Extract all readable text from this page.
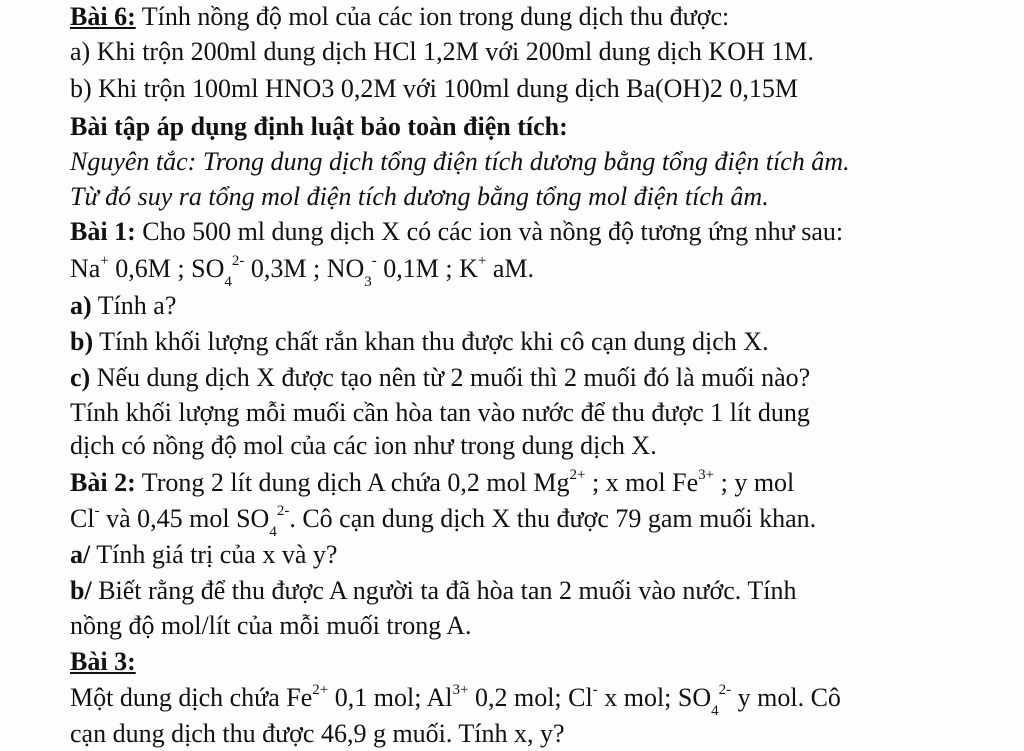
Bài 6: Tính nồng độ mol của các ion trong dung dịch thu được:
a) Khi trộn 200ml dung dịch HCl 1,2M với 200ml dung dịch KOH 1M.
b) Khi trộn 100ml HNO3 0,2M với 100ml dung dịch Ba(OH)2 0,15M
Bài tập áp dụng định luật bảo toàn điện tích:
Nguyên tắc: Trong dung dịch tổng điện tích dương bằng tổng điện tích âm.
Từ đó suy ra tổng mol điện tích dương bằng tổng mol điện tích âm.
Bài 1: Cho 500 ml dung dịch X có các ion và nồng độ tương ứng như sau:
Na+ 0,6M ; $SO_4^{2-}$ 0,3M ; $NO_3^-$ 0,1M ; K+ aM.
a) Tính a?
b) Tính khối lượng chất rắn khan thu được khi cô cạn dung dịch X.
c) Nếu dung dịch X được tạo nên từ 2 muối thì 2 muối đó là muối nào?
Tính khối lượng mỗi muối cần hòa tan vào nước để thu được 1 lít dung
dịch có nồng độ mol của các ion như trong dung dịch X.
Bài 2: Trong 2 lít dung dịch A chứa 0,2 mol $Mg^{2+}$ ; x mol $Fe^{3+}$ ; y mol
Cl- và 0,45 mol $SO_4^{2-}$. Cô cạn dung dịch X thu được 79 gam muối khan.
a/ Tính giá trị của x và y?
b/ Biết rằng để thu được A người ta đã hòa tan 2 muối vào nước. Tính
nồng độ mol/lít của mỗi muối trong A.
Bài 3:
Một dung dịch chứa $Fe^{2+}$ 0,1 mol; $Al^{3+}$ 0,2 mol; Cl- x mol; $SO_4^{2-}$ y mol. Cô
cạn dung dịch thu được 46,9 g muối. Tính x, y?
